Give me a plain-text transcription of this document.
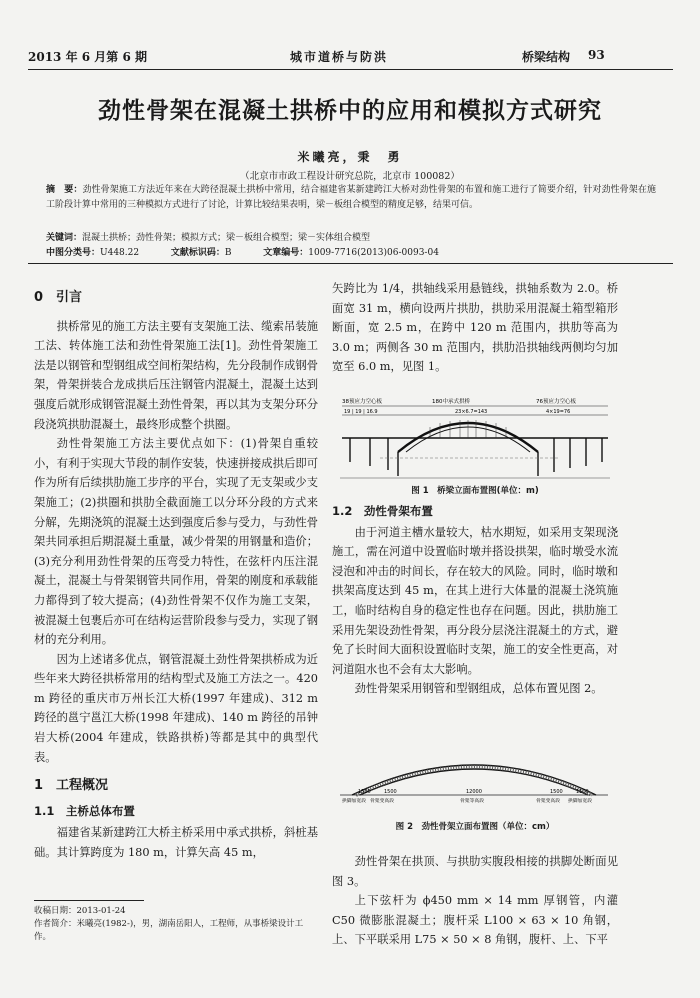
2013 年 6 月第 6 期	城市道桥与防洪	桥梁结构 93
劲性骨架在混凝土拱桥中的应用和模拟方式研究
米曦亮，秉　勇
（北京市市政工程设计研究总院，北京市 100082）
摘　要：劲性骨架施工方法近年来在大跨径混凝土拱桥中常用，结合福建省某新建跨江大桥对劲性骨架的布置和施工进行了简要介绍，针对劲性骨架在施工阶段计算中常用的三种模拟方式进行了讨论，计算比较结果表明，梁－板组合模型的精度足够，结果可信。
关键词：混凝土拱桥；劲性骨架；模拟方式；梁－板组合模型；梁－实体组合模型
中图分类号：U448.22	文献标识码：B	文章编号：1009-7716(2013)06-0093-04
0　引言

拱桥常见的施工方法主要有支架施工法、缆索吊装施工法、转体施工法和劲性骨架施工法[1]。劲性骨架施工法是以钢管和型钢组成空间桁架结构，先分段制作成钢骨架，骨架拼装合龙成拱后压注钢管内混凝土，混凝土达到强度后就形成钢管混凝土劲性骨架，再以其为支架分环分段浇筑拱肋混凝土，最终形成整个拱圈。

劲性骨架施工方法主要优点如下：(1)骨架自重较小，有利于实现大节段的制作安装，快速拼接成拱后即可作为所有后续拱肋施工步序的平台，实现了无支架或少支架施工；(2)拱圈和拱肋全截面施工以分环分段的方式来分解，先期浇筑的混凝土达到强度后参与受力，与劲性骨架共同承担后期混凝土重量，减少骨架的用钢量和造价；(3)充分利用劲性骨架的压弯受力特性，在弦杆内压注混凝土，混凝土与骨架钢管共同作用，骨架的刚度和承载能力都得到了较大提高；(4)劲性骨架不仅作为施工支架，被混凝土包裹后亦可在结构运营阶段参与受力，实现了钢材的充分利用。

因为上述诸多优点，钢管混凝土劲性骨架拱桥成为近些年来大跨径拱桥常用的结构型式及施工方法之一。420 m 跨径的重庆市万州长江大桥(1997 年建成)、312 m 跨径的邕宁邕江大桥(1998 年建成)、140 m 跨径的吊钟岩大桥(2004 年建成，铁路拱桥)等都是其中的典型代表。

1　工程概况
1.1　主桥总体布置

福建省某新建跨江大桥主桥采用中承式拱桥，斜桩基础。其计算跨度为 180 m，计算矢高 45 m，

矢跨比为 1/4，拱轴线采用悬链线，拱轴系数为 2.0。桥面宽 31 m，横向设两片拱肋，拱肋采用混凝土箱型箱形断面，宽 2.5 m，在跨中 120 m 范围内，拱肋等高为 3.0 m；两侧各 30 m 范围内，拱肋沿拱轴线两侧均匀加宽至 6.0 m，见图 1。

38预应力空心板	180中承式拱桥	76预应力空心板
19 | 19 | 16.9	23×6.7=143	4×19=76
图 1　桥梁立面布置图(单位：m)
1.2　劲性骨架布置

由于河道主槽水量较大，枯水期短，如采用支架现浇施工，需在河道中设置临时墩并搭设拱架，临时墩受水流浸泡和冲击的时间长，存在较大的风险。同时，临时墩和拱架高度达到 45 m，在其上进行大体量的混凝土浇筑施工，临时结构自身的稳定性也存在问题。因此，拱肋施工采用先架设劲性骨架，再分段分层浇注混凝土的方式，避免了长时间大面积设置临时支架，施工的安全性更高，对河道阻水也不会有太大影响。

劲性骨架采用钢管和型钢组成，总体布置见图 2。

1500	1500	12000	1500	1500
拱脚加宽段 骨架变高段	骨架等高段	骨架变高段 拱脚加宽段
图 2　劲性骨架立面布置图（单位：cm）

劲性骨架在拱顶、与拱肋实腹段相接的拱脚处断面见图 3。

上下弦杆为 ϕ450 mm × 14 mm 厚钢管，内灌 C50 微膨胀混凝土；腹杆采 L100 × 63 × 10 角钢，上、下平联采用 L75 × 50 × 8 角钢，腹杆、上、下平

收稿日期：2013-01-24
作者简介：米曦亮(1982-)，男，湖南岳阳人，工程师，从事桥梁设计工作。
